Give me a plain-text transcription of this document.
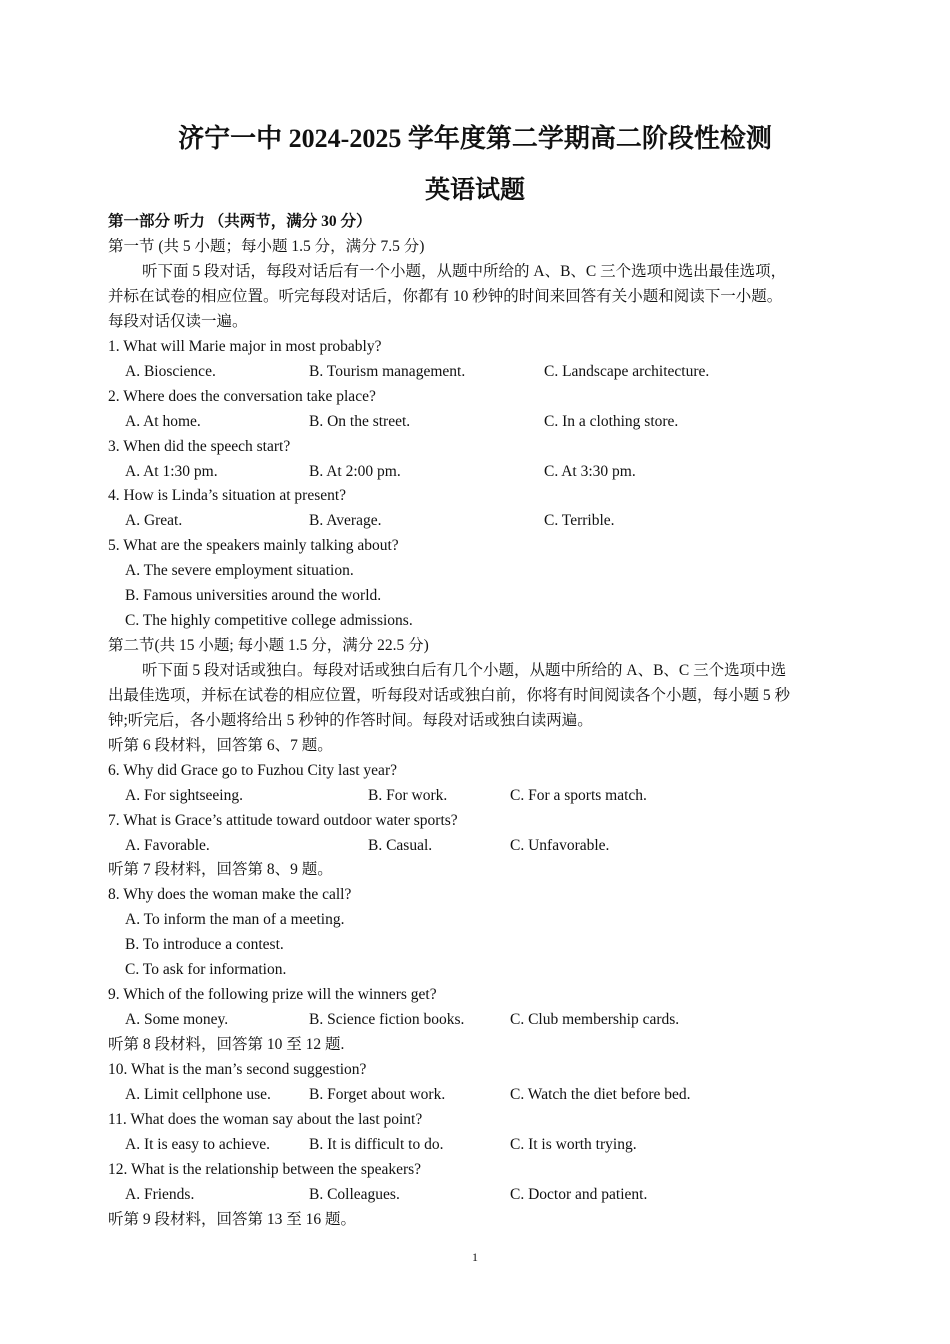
济宁一中 2024-2025 学年度第二学期高二阶段性检测
英语试题
第一部分 听力 （共两节，满分 30 分）
第一节 (共 5 小题；每小题 1.5 分，满分 7.5 分)
听下面 5 段对话，每段对话后有一个小题，从题中所给的 A、B、C 三个选项中选出最佳选项，
并标在试卷的相应位置。听完每段对话后，你都有 10 秒钟的时间来回答有关小题和阅读下一小题。
每段对话仅读一遍。
1. What will Marie major in most probably?
A. Bioscience.	B. Tourism management.	C. Landscape architecture.
2. Where does the conversation take place?
A. At home.	B. On the street.	C. In a clothing store.
3. When did the speech start?
A. At 1:30 pm.	B. At 2:00 pm.	C. At 3:30 pm.
4. How is Linda’s situation at present?
A. Great.	B. Average.	C. Terrible.
5. What are the speakers mainly talking about?
A. The severe employment situation.
B. Famous universities around the world.
C. The highly competitive college admissions.
第二节(共 15 小题; 每小题 1.5 分，满分 22.5 分)
听下面 5 段对话或独白。每段对话或独白后有几个小题，从题中所给的 A、B、C 三个选项中选
出最佳选项，并标在试卷的相应位置，听每段对话或独白前，你将有时间阅读各个小题，每小题 5 秒
钟;听完后，各小题将给出 5 秒钟的作答时间。每段对话或独白读两遍。
听第 6 段材料，回答第 6、7 题。
6. Why did Grace go to Fuzhou City last year?
A. For sightseeing.	B. For work.	C. For a sports match.
7. What is Grace’s attitude toward outdoor water sports?
A. Favorable.	B. Casual.	C. Unfavorable.
听第 7 段材料，回答第 8、9 题。
8. Why does the woman make the call?
A. To inform the man of a meeting.
B. To introduce a contest.
C. To ask for information.
9. Which of the following prize will the winners get?
A. Some money.	B. Science fiction books.	C. Club membership cards.
听第 8 段材料，回答第 10 至 12 题.
10. What is the man’s second suggestion?
A. Limit cellphone use. B. Forget about work.	C. Watch the diet before bed.
11. What does the woman say about the last point?
A. It is easy to achieve.	B. It is difficult to do.	C. It is worth trying.
12. What is the relationship between the speakers?
A. Friends.	B. Colleagues.	C. Doctor and patient.
听第 9 段材料，回答第 13 至 16 题。
1
